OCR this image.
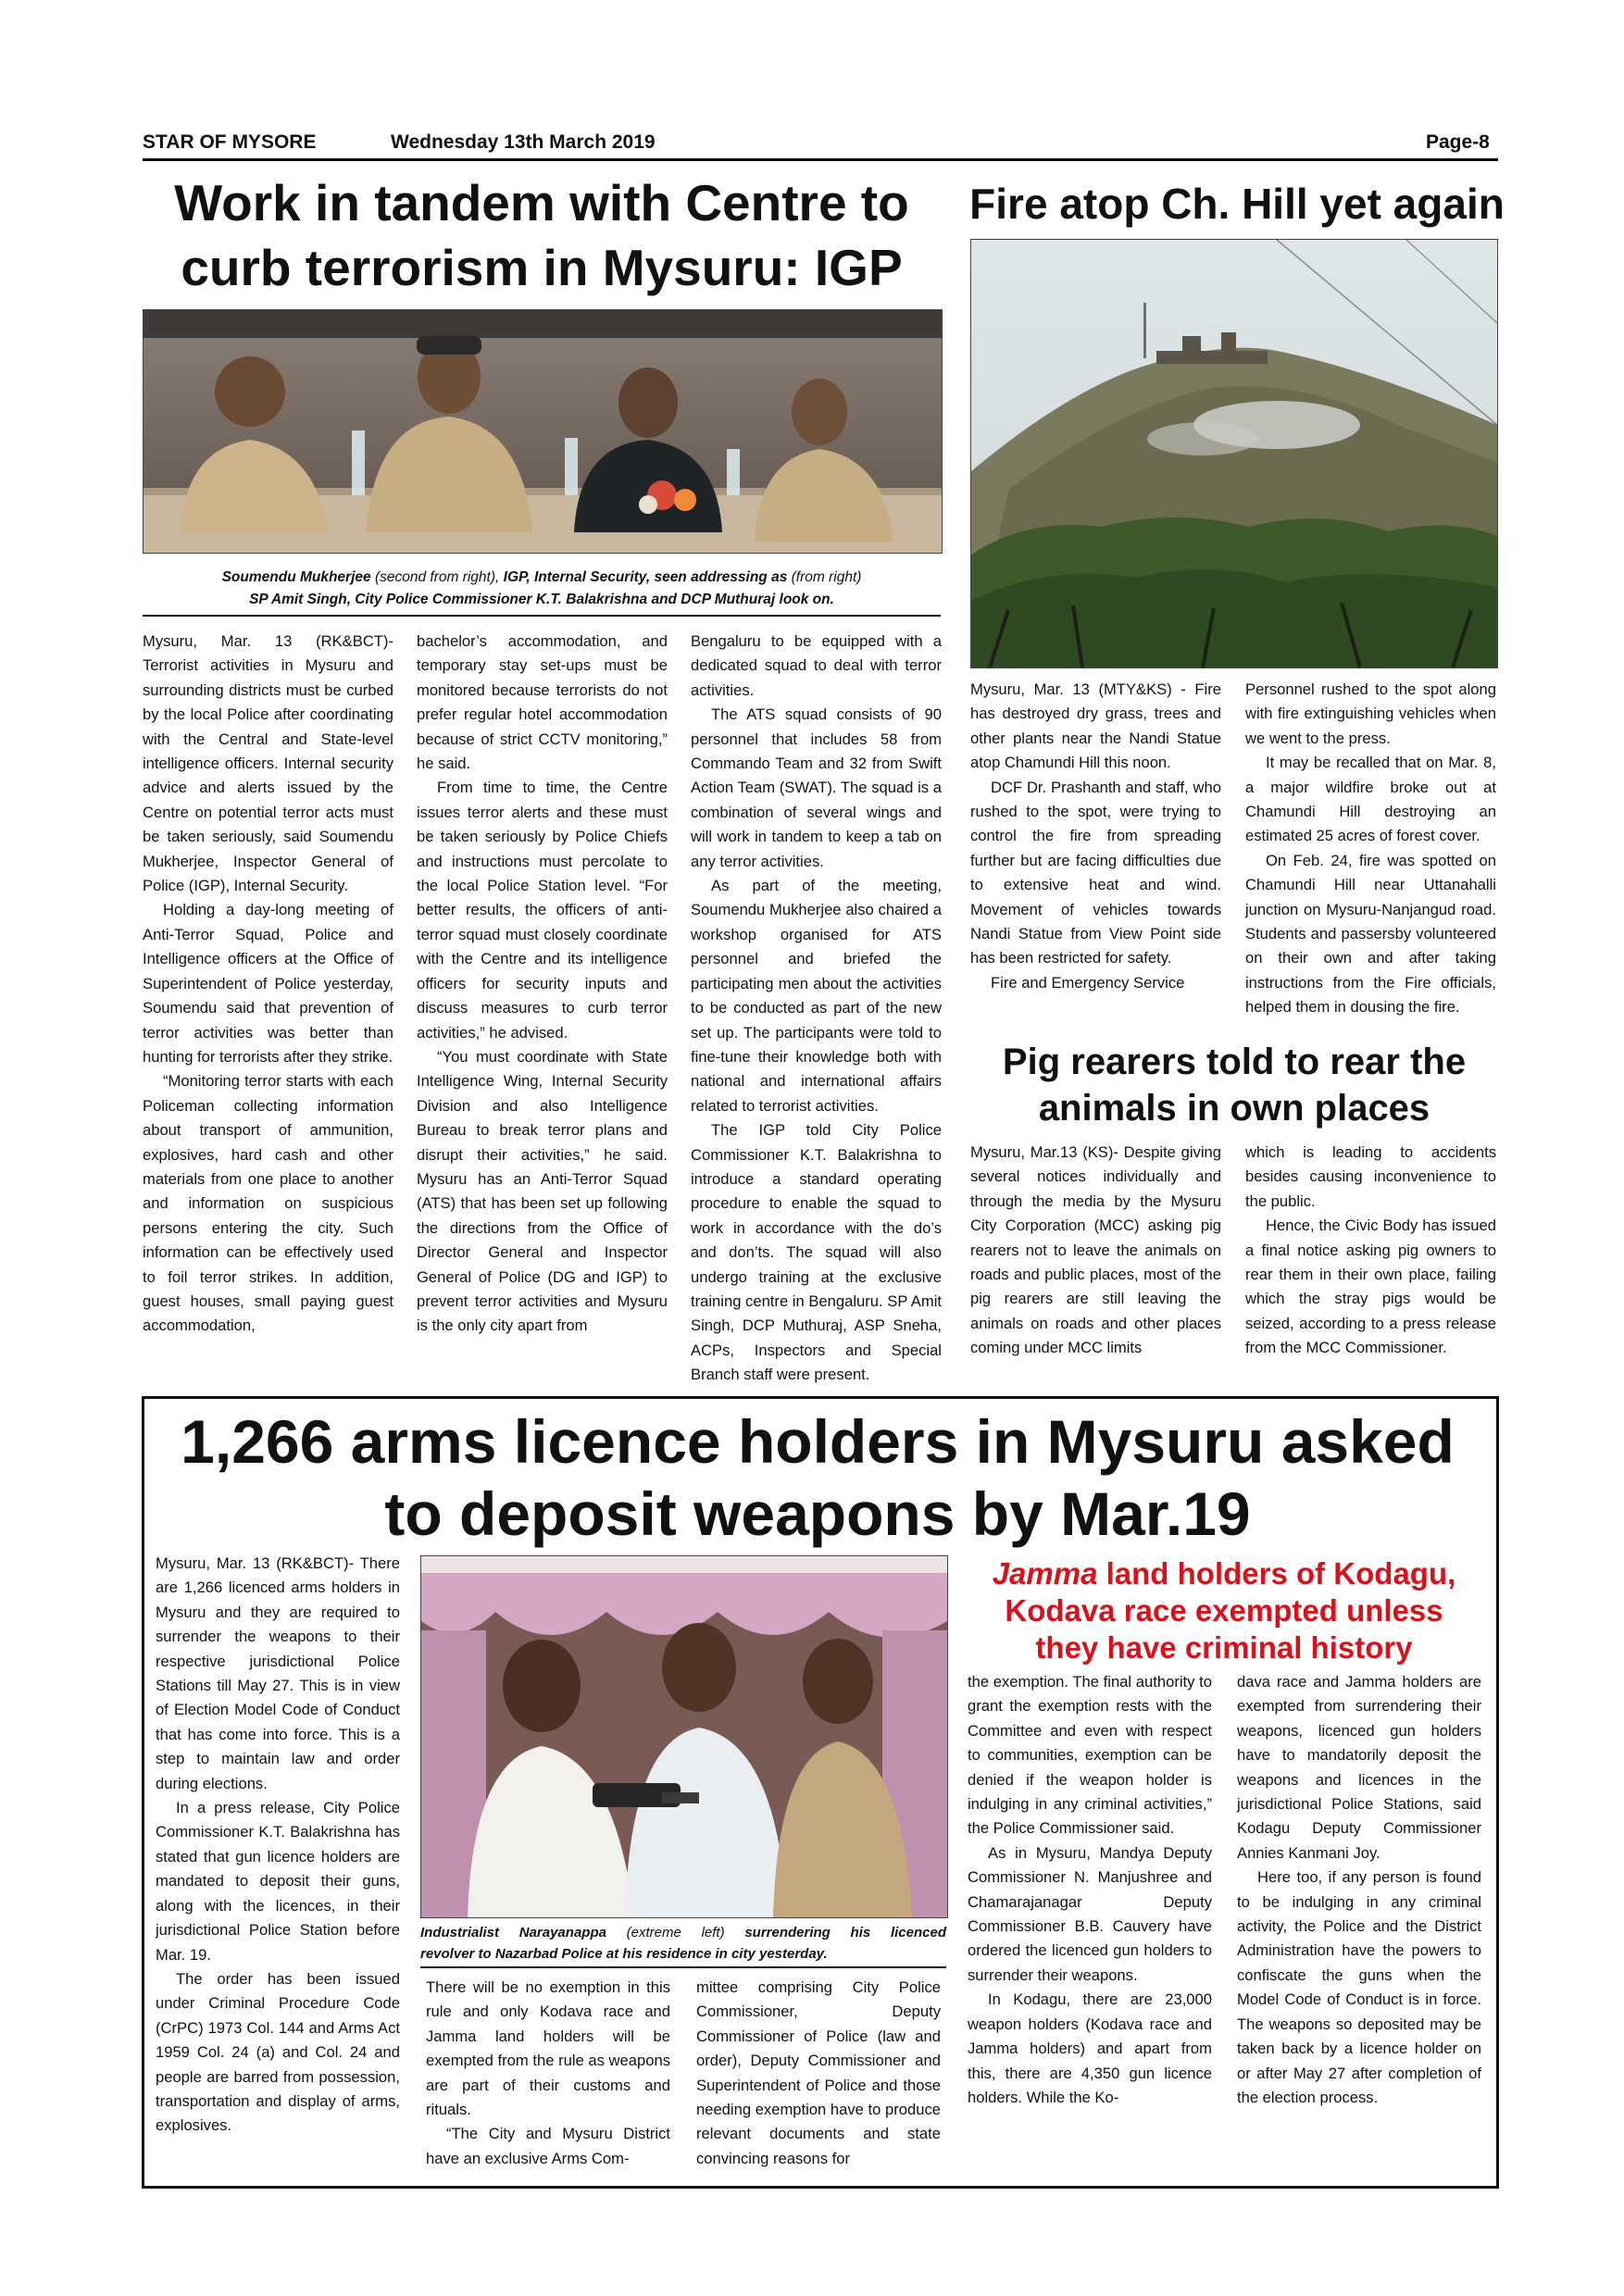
STAR OF MYSORE	Wednesday 13th March 2019	Page-8
Work in tandem with Centre to
curb terrorism in Mysuru: IGP
Soumendu Mukherjee (second from right), IGP, Internal Security, seen addressing as (from right)
SP Amit Singh, City Police Commissioner K.T. Balakrishna and DCP Muthuraj look on.

Mysuru, Mar. 13 (RK&BCT)- Terrorist activities in Mysuru and surrounding districts must be curbed by the local Police after coordinating with the Central and State-level intelligence officers. Internal security advice and alerts issued by the Centre on potential terror acts must be taken seriously, said Soumendu Mukherjee, Inspector General of Police (IGP), Internal Security.

Holding a day-long meeting of Anti-Terror Squad, Police and Intelligence officers at the Office of Superintendent of Police yesterday, Soumendu said that prevention of terror activities was better than hunting for terrorists after they strike.

“Monitoring terror starts with each Policeman collecting information about transport of ammunition, explosives, hard cash and other materials from one place to another and information on suspicious persons entering the city. Such information can be effectively used to foil terror strikes. In addition, guest houses, small paying guest accommodation,

bachelor’s accommodation, and temporary stay set-ups must be monitored because terrorists do not prefer regular hotel accommodation because of strict CCTV monitoring,” he said.

From time to time, the Centre issues terror alerts and these must be taken seriously by Police Chiefs and instructions must percolate to the local Police Station level. “For better results, the officers of anti-terror squad must closely coordinate with the Centre and its intelligence officers for security inputs and discuss measures to curb terror activities,” he advised.

“You must coordinate with State Intelligence Wing, Internal Security Division and also Intelligence Bureau to break terror plans and disrupt their activities,” he said. Mysuru has an Anti-Terror Squad (ATS) that has been set up following the directions from the Office of Director General and Inspector General of Police (DG and IGP) to prevent terror activities and Mysuru is the only city apart from

Bengaluru to be equipped with a dedicated squad to deal with terror activities.

The ATS squad consists of 90 personnel that includes 58 from Commando Team and 32 from Swift Action Team (SWAT). The squad is a combination of several wings and will work in tandem to keep a tab on any terror activities.

As part of the meeting, Soumendu Mukherjee also chaired a workshop organised for ATS personnel and briefed the participating men about the activities to be conducted as part of the new set up. The participants were told to fine-tune their knowledge both with national and international affairs related to terrorist activities.

The IGP told City Police Commissioner K.T. Balakrishna to introduce a standard operating procedure to enable the squad to work in accordance with the do’s and don’ts. The squad will also undergo training at the exclusive training centre in Bengaluru. SP Amit Singh, DCP Muthuraj, ASP Sneha, ACPs, Inspectors and Special Branch staff were present.

Fire atop Ch. Hill yet again

Mysuru, Mar. 13 (MTY&KS) - Fire has destroyed dry grass, trees and other plants near the Nandi Statue atop Chamundi Hill this noon.

DCF Dr. Prashanth and staff, who rushed to the spot, were trying to control the fire from spreading further but are facing difficulties due to extensive heat and wind. Movement of vehicles towards Nandi Statue from View Point side has been restricted for safety.

Fire and Emergency Service

Personnel rushed to the spot along with fire extinguishing vehicles when we went to the press.

It may be recalled that on Mar. 8, a major wildfire broke out at Chamundi Hill destroying an estimated 25 acres of forest cover.

On Feb. 24, fire was spotted on Chamundi Hill near Uttanahalli junction on Mysuru-Nanjangud road. Students and passersby volunteered on their own and after taking instructions from the Fire officials, helped them in dousing the fire.

Pig rearers told to rear the
animals in own places

Mysuru, Mar.13 (KS)- Despite giving several notices individually and through the media by the Mysuru City Corporation (MCC) asking pig rearers not to leave the animals on roads and public places, most of the pig rearers are still leaving the animals on roads and other places coming under MCC limits

which is leading to accidents besides causing inconvenience to the public.

Hence, the Civic Body has issued a final notice asking pig owners to rear them in their own place, failing which the stray pigs would be seized, according to a press release from the MCC Commissioner.

1,266 arms licence holders in Mysuru asked
to deposit weapons by Mar.19

Mysuru, Mar. 13 (RK&BCT)- There are 1,266 licenced arms holders in Mysuru and they are required to surrender the weapons to their respective jurisdictional Police Stations till May 27. This is in view of Election Model Code of Conduct that has come into force. This is a step to maintain law and order during elections.

In a press release, City Police Commissioner K.T. Balakrishna has stated that gun licence holders are mandated to deposit their guns, along with the licences, in their jurisdictional Police Station before Mar. 19.

The order has been issued under Criminal Procedure Code (CrPC) 1973 Col. 144 and Arms Act 1959 Col. 24 (a) and Col. 24 and people are barred from possession, transportation and display of arms, explosives.

Industrialist Narayanappa (extreme left) surrendering his licenced
revolver to Nazarbad Police at his residence in city yesterday.

There will be no exemption in this rule and only Kodava race and Jamma land holders will be exempted from the rule as weapons are part of their customs and rituals.

“The City and Mysuru District have an exclusive Arms Com-

mittee comprising City Police Commissioner, Deputy Commissioner of Police (law and order), Deputy Commissioner and Superintendent of Police and those needing exemption have to produce relevant documents and state convincing reasons for

Jamma land holders of Kodagu,
Kodava race exempted unless
they have criminal history

the exemption. The final authority to grant the exemption rests with the Committee and even with respect to communities, exemption can be denied if the weapon holder is indulging in any criminal activities,” the Police Commissioner said.

As in Mysuru, Mandya Deputy Commissioner N. Manjushree and Chamarajanagar Deputy Commissioner B.B. Cauvery have ordered the licenced gun holders to surrender their weapons.

In Kodagu, there are 23,000 weapon holders (Kodava race and Jamma holders) and apart from this, there are 4,350 gun licence holders. While the Ko-

dava race and Jamma holders are exempted from surrendering their weapons, licenced gun holders have to mandatorily deposit the weapons and licences in the jurisdictional Police Stations, said Kodagu Deputy Commissioner Annies Kanmani Joy.

Here too, if any person is found to be indulging in any criminal activity, the Police and the District Administration have the powers to confiscate the guns when the Model Code of Conduct is in force. The weapons so deposited may be taken back by a licence holder on or after May 27 after completion of the election process.
